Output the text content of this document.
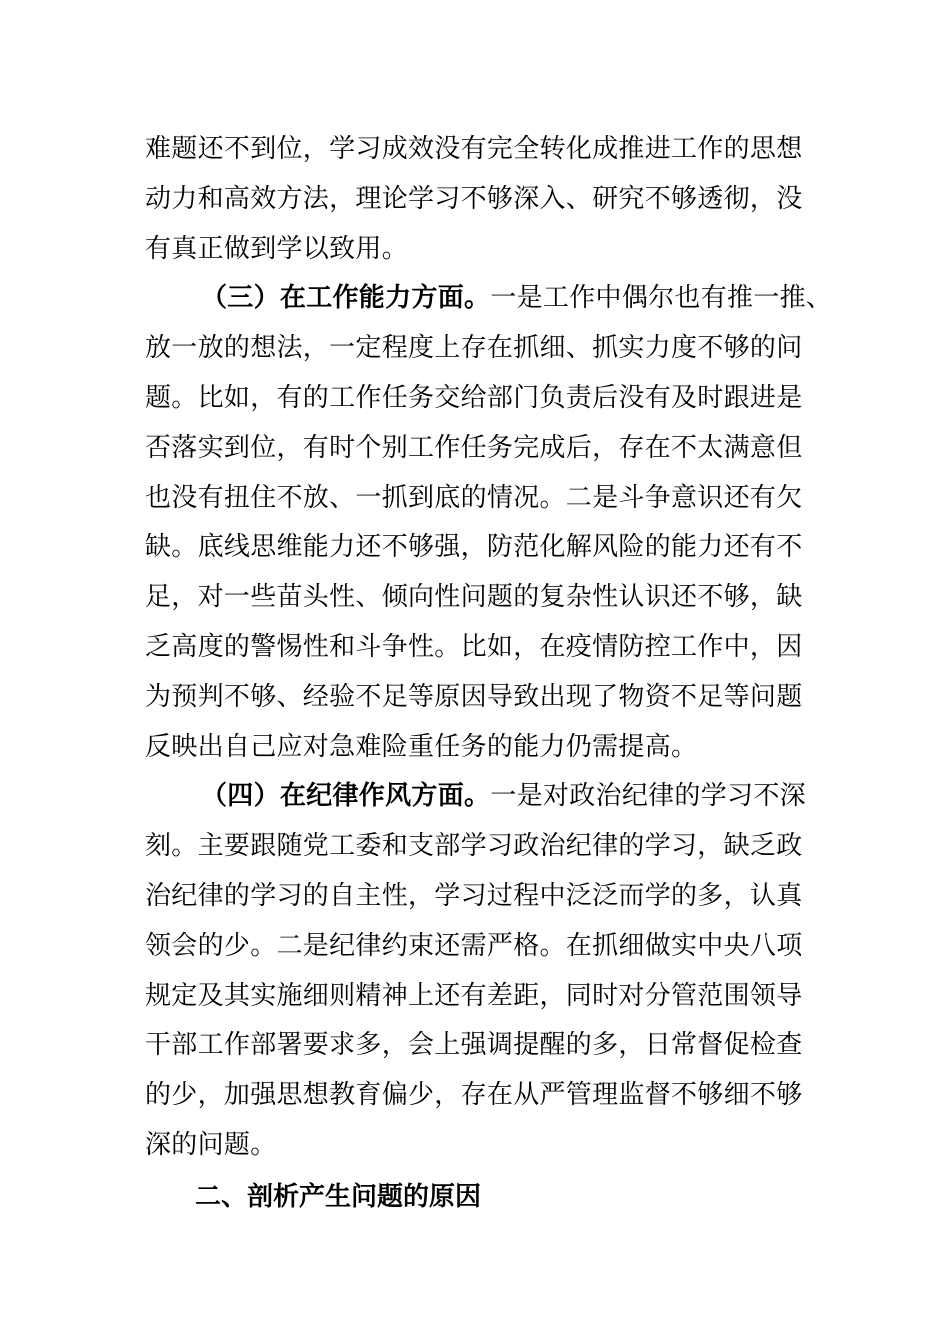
难题还不到位，学习成效没有完全转化成推进工作的思想
动力和高效方法，理论学习不够深入、研究不够透彻，没
有真正做到学以致用。
（三）在工作能力方面。一是工作中偶尔也有推一推、
放一放的想法，一定程度上存在抓细、抓实力度不够的问
题。比如，有的工作任务交给部门负责后没有及时跟进是
否落实到位，有时个别工作任务完成后，存在不太满意但
也没有扭住不放、一抓到底的情况。二是斗争意识还有欠
缺。底线思维能力还不够强，防范化解风险的能力还有不
足，对一些苗头性、倾向性问题的复杂性认识还不够，缺
乏高度的警惕性和斗争性。比如，在疫情防控工作中，因
为预判不够、经验不足等原因导致出现了物资不足等问题
反映出自己应对急难险重任务的能力仍需提高。
（四）在纪律作风方面。一是对政治纪律的学习不深
刻。主要跟随党工委和支部学习政治纪律的学习，缺乏政
治纪律的学习的自主性，学习过程中泛泛而学的多，认真
领会的少。二是纪律约束还需严格。在抓细做实中央八项
规定及其实施细则精神上还有差距，同时对分管范围领导
干部工作部署要求多，会上强调提醒的多，日常督促检查
的少，加强思想教育偏少，存在从严管理监督不够细不够
深的问题。
二、剖析产生问题的原因
